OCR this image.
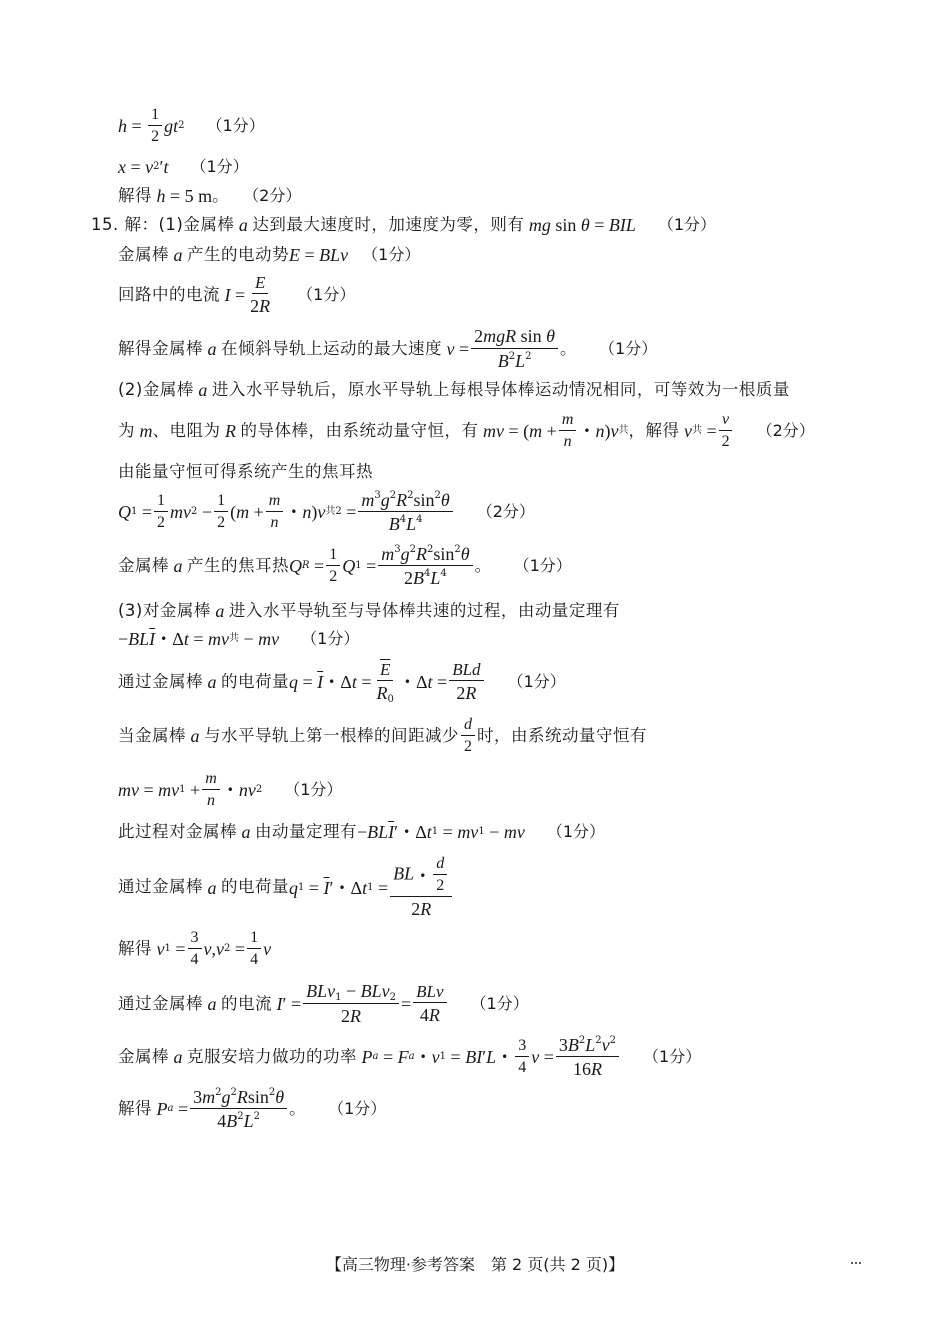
$h = \frac{1}{2}$ gt 2 （1分）
x = v 2 ′ t （1分）
解得 h = 5 m 。 （2分）
15. 解：(1)金属棒 a 达到最大速度时，加速度为零，则有 mg sin θ = BIL （1分）
金属棒 a 产生的电动势 E = BLv （1分）
回路中的电流 $I = \frac{E}{2R} (1$分）
解得金属棒 a 在倾斜导轨上运动的最大速度 $v = \frac{\text{2mgR sin θ}}{B^2L^2}$ 。 （1分）
(2)金属棒 a 进入水平导轨后，原水平导轨上每根导体棒运动情况相同，可等效为一根质量
为 m 、电阻为 R 的导体棒，由系统动量守恒，有 mv = ( $m + \frac{m}{n}$ • n ) v 共 ，解得 v 共 = $\frac{v}{2} (2$分）
由能量守恒可得系统产生的焦耳热
Q $1 = \frac{1}{2}$ mv $2 - \frac{1}{2}$ ( $m + \frac{m}{n}$ • n ) v 共 $2 = \frac{m^3g^2R^2\sin^2\theta}{B^4L^4} (2$分）
金属棒 a 产生的焦耳热 Q $R = \frac{1}{2}$ Q $1 = \frac{m^3g^2R^2\sin^2\theta}{2B^4L^4}$ 。 （1分）
(3)对金属棒 a 进入水平导轨至与导体棒共速的过程，由动量定理有
− BL $\overline{I}$ • Δ t = mv 共 − mv （1分）
通过金属棒 a 的电荷量 $q = \overline{I}$ • Δ $t = \frac{\overline{E}}{R_0}$ • Δ $t = \frac{\text{BLd}}{2R} (1$分）
当金属棒 a 与水平导轨上第一根棒的间距减少 $\frac{d}{2}$ 时，由系统动量守恒有
mv = mv $1 + \frac{m}{n}$ • nv 2 （1分）
此过程对金属棒 a 由动量定理有 − BL $\overline{I}$ ′ • Δ t 1 = mv 1 − mv （1分）
通过金属棒 a 的电荷量 q $1 = \overline{I}$ ′ • Δ t $1 = \frac{BL • \frac{d}{2}}{2R}$
解得 v $1 = \frac{3}{4}$ v , v $2 = \frac{1}{4}$ v
通过金属棒 a 的电流 I ′ = $\frac{BLv_1 - BLv_2}{2R} = \frac{\text{BLv}}{4R} (1$分）
金属棒 a 克服安培力做功的功率 P a = F a • v 1 = BI ′ L • $\frac{3}{4}$ $v = \frac{3B^2L^2v^2}{16R} (1$分）
解得 P $a = \frac{3m^2g^2Rsin^2\theta}{4B^2L^2}$ 。 （1分）
【高三物理·参考答案　第 2 页(共 2 页)】
